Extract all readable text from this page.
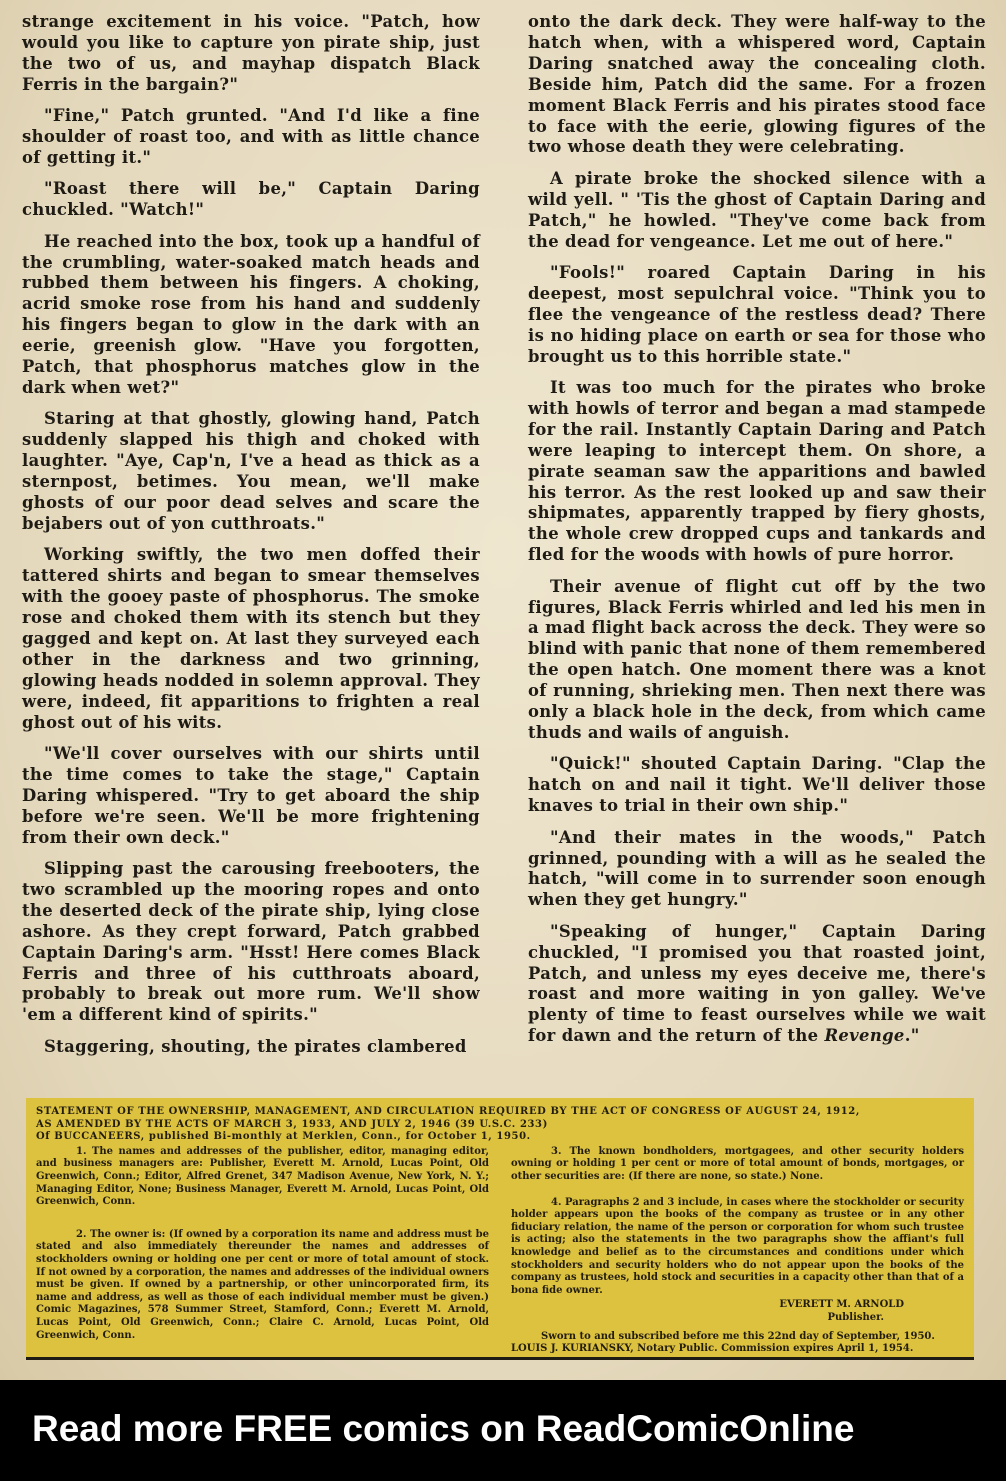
strange excitement in his voice. "Patch, how would you like to capture yon pirate ship, just the two of us, and mayhap dispatch Black Ferris in the bargain?"

"Fine," Patch grunted. "And I'd like a fine shoulder of roast too, and with as little chance of getting it."

"Roast there will be," Captain Daring chuckled. "Watch!"

He reached into the box, took up a handful of the crumbling, water-soaked match heads and rubbed them between his fingers. A choking, acrid smoke rose from his hand and suddenly his fingers began to glow in the dark with an eerie, greenish glow. "Have you forgotten, Patch, that phosphorus matches glow in the dark when wet?"

Staring at that ghostly, glowing hand, Patch suddenly slapped his thigh and choked with laughter. "Aye, Cap'n, I've a head as thick as a sternpost, betimes. You mean, we'll make ghosts of our poor dead selves and scare the bejabers out of yon cutthroats."

Working swiftly, the two men doffed their tattered shirts and began to smear themselves with the gooey paste of phosphorus. The smoke rose and choked them with its stench but they gagged and kept on. At last they surveyed each other in the darkness and two grinning, glowing heads nodded in solemn approval. They were, indeed, fit apparitions to frighten a real ghost out of his wits.

"We'll cover ourselves with our shirts until the time comes to take the stage," Captain Daring whispered. "Try to get aboard the ship before we're seen. We'll be more frightening from their own deck."

Slipping past the carousing freebooters, the two scrambled up the mooring ropes and onto the deserted deck of the pirate ship, lying close ashore. As they crept forward, Patch grabbed Captain Daring's arm. "Hsst! Here comes Black Ferris and three of his cutthroats aboard, probably to break out more rum. We'll show 'em a different kind of spirits."

Staggering, shouting, the pirates clambered

onto the dark deck. They were half-way to the hatch when, with a whispered word, Captain Daring snatched away the concealing cloth. Beside him, Patch did the same. For a frozen moment Black Ferris and his pirates stood face to face with the eerie, glowing figures of the two whose death they were celebrating.

A pirate broke the shocked silence with a wild yell. " 'Tis the ghost of Captain Daring and Patch," he howled. "They've come back from the dead for vengeance. Let me out of here."

"Fools!" roared Captain Daring in his deepest, most sepulchral voice. "Think you to flee the vengeance of the restless dead? There is no hiding place on earth or sea for those who brought us to this horrible state."

It was too much for the pirates who broke with howls of terror and began a mad stampede for the rail. Instantly Captain Daring and Patch were leaping to intercept them. On shore, a pirate seaman saw the apparitions and bawled his terror. As the rest looked up and saw their shipmates, apparently trapped by fiery ghosts, the whole crew dropped cups and tankards and fled for the woods with howls of pure horror.

Their avenue of flight cut off by the two figures, Black Ferris whirled and led his men in a mad flight back across the deck. They were so blind with panic that none of them remembered the open hatch. One moment there was a knot of running, shrieking men. Then next there was only a black hole in the deck, from which came thuds and wails of anguish.

"Quick!" shouted Captain Daring. "Clap the hatch on and nail it tight. We'll deliver those knaves to trial in their own ship."

"And their mates in the woods," Patch grinned, pounding with a will as he sealed the hatch, "will come in to surrender soon enough when they get hungry."

"Speaking of hunger," Captain Daring chuckled, "I promised you that roasted joint, Patch, and unless my eyes deceive me, there's roast and more waiting in yon galley. We've plenty of time to feast ourselves while we wait for dawn and the return of the Revenge."

STATEMENT OF THE OWNERSHIP, MANAGEMENT, AND CIRCULATION REQUIRED BY THE ACT OF CONGRESS OF AUGUST 24, 1912,
AS AMENDED BY THE ACTS OF MARCH 3, 1933, AND JULY 2, 1946 (39 U.S.C. 233)
Of BUCCANEERS, published Bi-monthly at Merklen, Conn., for October 1, 1950.

1. The names and addresses of the publisher, editor, managing editor, and business managers are: Publisher, Everett M. Arnold, Lucas Point, Old Greenwich, Conn.; Editor, Alfred Grenet, 347 Madison Avenue, New York, N. Y.; Managing Editor, None; Business Manager, Everett M. Arnold, Lucas Point, Old Greenwich, Conn.

2. The owner is: (If owned by a corporation its name and address must be stated and also immediately thereunder the names and addresses of stockholders owning or holding one per cent or more of total amount of stock. If not owned by a corporation, the names and addresses of the individual owners must be given. If owned by a partnership, or other unincorporated firm, its name and address, as well as those of each individual member must be given.) Comic Magazines, 578 Summer Street, Stamford, Conn.; Everett M. Arnold, Lucas Point, Old Greenwich, Conn.; Claire C. Arnold, Lucas Point, Old Greenwich, Conn.

3. The known bondholders, mortgagees, and other security holders owning or holding 1 per cent or more of total amount of bonds, mortgages, or other securities are: (If there are none, so state.) None.

4. Paragraphs 2 and 3 include, in cases where the stockholder or security holder appears upon the books of the company as trustee or in any other fiduciary relation, the name of the person or corporation for whom such trustee is acting; also the statements in the two paragraphs show the affiant's full knowledge and belief as to the circumstances and conditions under which stockholders and security holders who do not appear upon the books of the company as trustees, hold stock and securities in a capacity other than that of a bona fide owner.

EVERETT M. ARNOLD
Publisher.
Sworn to and subscribed before me this 22nd day of September, 1950.
LOUIS J. KURIANSKY, Notary Public. Commission expires April 1, 1954.
Read more FREE comics on ReadComicOnline
